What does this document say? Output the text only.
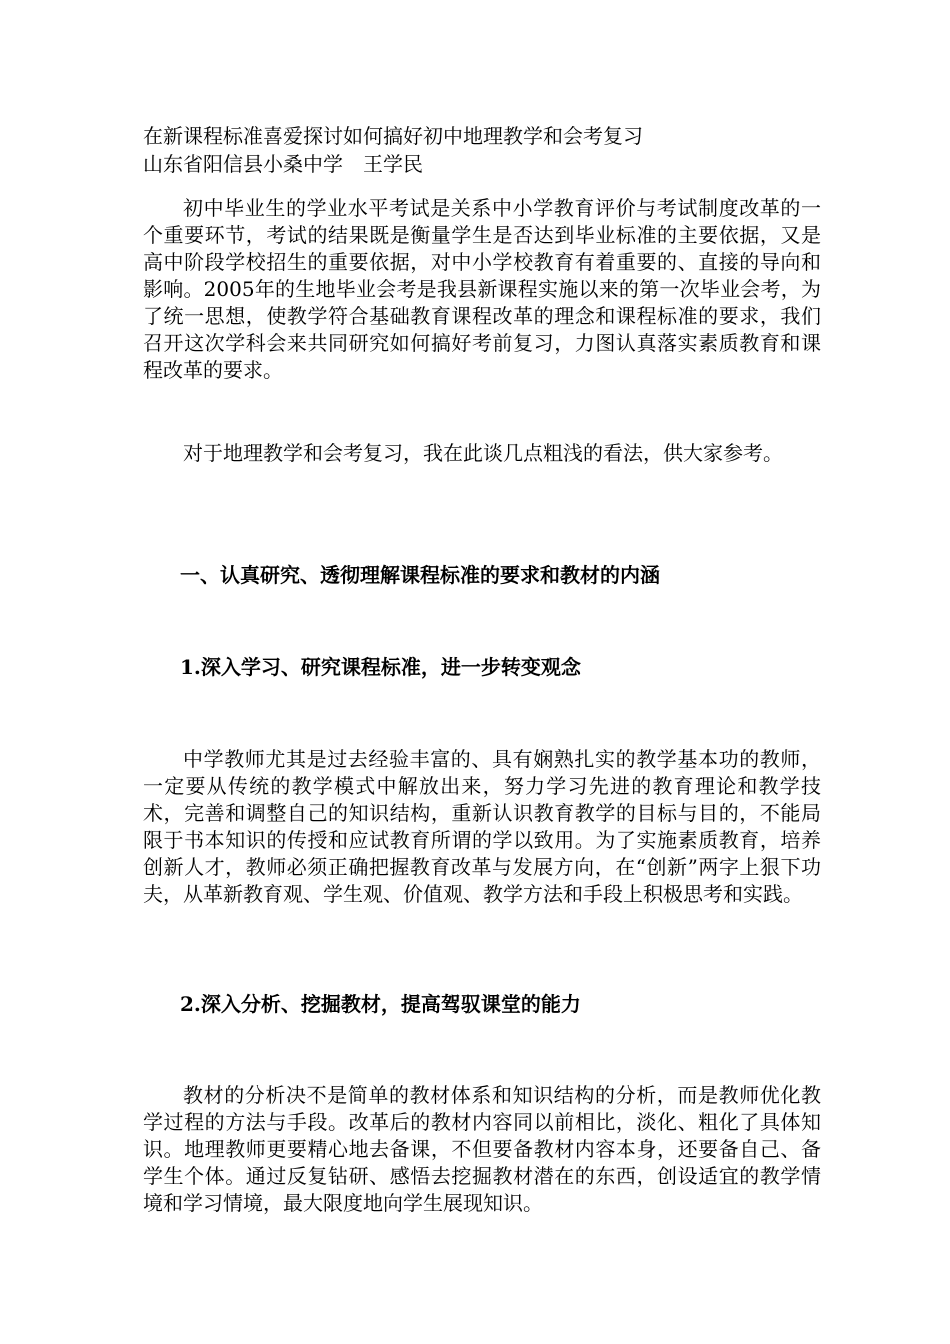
在新课程标准喜爱探讨如何搞好初中地理教学和会考复习
山东省阳信县小桑中学　王学民
初中毕业生的学业水平考试是关系中小学教育评价与考试制度改革的一个重要环节，考试的结果既是衡量学生是否达到毕业标准的主要依据，又是高中阶段学校招生的重要依据，对中小学校教育有着重要的、直接的导向和影响。2005年的生地毕业会考是我县新课程实施以来的第一次毕业会考，为了统一思想，使教学符合基础教育课程改革的理念和课程标准的要求，我们召开这次学科会来共同研究如何搞好考前复习，力图认真落实素质教育和课程改革的要求。
对于地理教学和会考复习，我在此谈几点粗浅的看法，供大家参考。
一、认真研究、透彻理解课程标准的要求和教材的内涵
1.深入学习、研究课程标准，进一步转变观念
中学教师尤其是过去经验丰富的、具有娴熟扎实的教学基本功的教师，一定要从传统的教学模式中解放出来，努力学习先进的教育理论和教学技术，完善和调整自己的知识结构，重新认识教育教学的目标与目的，不能局限于书本知识的传授和应试教育所谓的学以致用。为了实施素质教育，培养创新人才，教师必须正确把握教育改革与发展方向，在“创新”两字上狠下功夫，从革新教育观、学生观、价值观、教学方法和手段上积极思考和实践。
2.深入分析、挖掘教材，提高驾驭课堂的能力
教材的分析决不是简单的教材体系和知识结构的分析，而是教师优化教学过程的方法与手段。改革后的教材内容同以前相比，淡化、粗化了具体知识。地理教师更要精心地去备课，不但要备教材内容本身，还要备自己、备学生个体。通过反复钻研、感悟去挖掘教材潜在的东西，创设适宜的教学情境和学习情境，最大限度地向学生展现知识。
